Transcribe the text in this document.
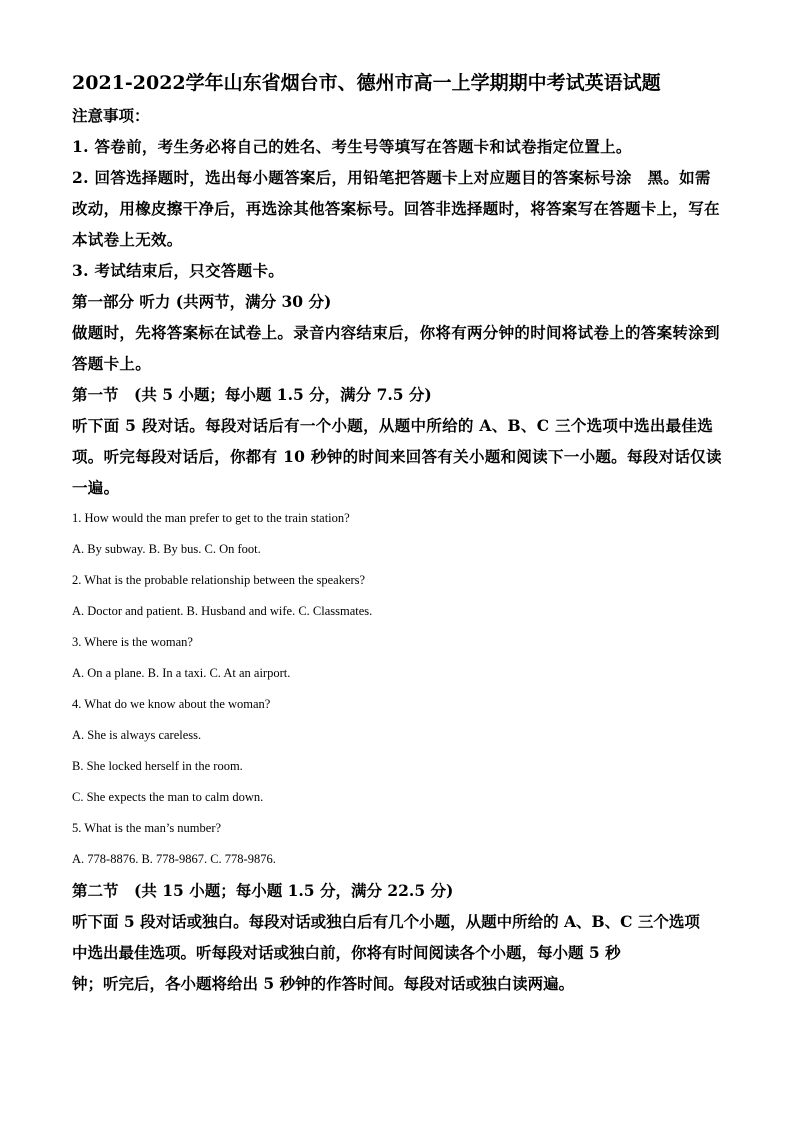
2021-2022学年山东省烟台市、德州市高一上学期期中考试英语试题

注意事项：

1. 答卷前，考生务必将自己的姓名、考生号等填写在答题卡和试卷指定位置上。

2. 回答选择题时，选出每小题答案后，用铅笔把答题卡上对应题目的答案标号涂　黑。如需改动，用橡皮擦干净后，再选涂其他答案标号。回答非选择题时，将答案写在答题卡上，写在本试卷上无效。

3. 考试结束后，只交答题卡。

第一部分 听力 (共两节，满分 30 分)

做题时，先将答案标在试卷上。录音内容结束后，你将有两分钟的时间将试卷上的答案转涂到答题卡上。

第一节　(共 5 小题；每小题 1.5 分，满分 7.5 分)

听下面 5 段对话。每段对话后有一个小题，从题中所给的 A、B、C 三个选项中选出最佳选项。听完每段对话后，你都有 10 秒钟的时间来回答有关小题和阅读下一小题。每段对话仅读一遍。

1. How would the man prefer to get to the train station?

A. By subway. B. By bus. C. On foot.

2. What is the probable relationship between the speakers?

A. Doctor and patient. B. Husband and wife. C. Classmates.

3. Where is the woman?

A. On a plane. B. In a taxi. C. At an airport.

4. What do we know about the woman?

A. She is always careless.

B. She locked herself in the room.

C. She expects the man to calm down.

5. What is the man’s number?

A. 778-8876. B. 778-9867. C. 778-9876.

第二节　(共 15 小题；每小题 1.5 分，满分 22.5 分)

听下面 5 段对话或独白。每段对话或独白后有几个小题，从题中所给的 A、B、C 三个选项

中选出最佳选项。听每段对话或独白前，你将有时间阅读各个小题，每小题 5 秒

钟；听完后，各小题将给出 5 秒钟的作答时间。每段对话或独白读两遍。
